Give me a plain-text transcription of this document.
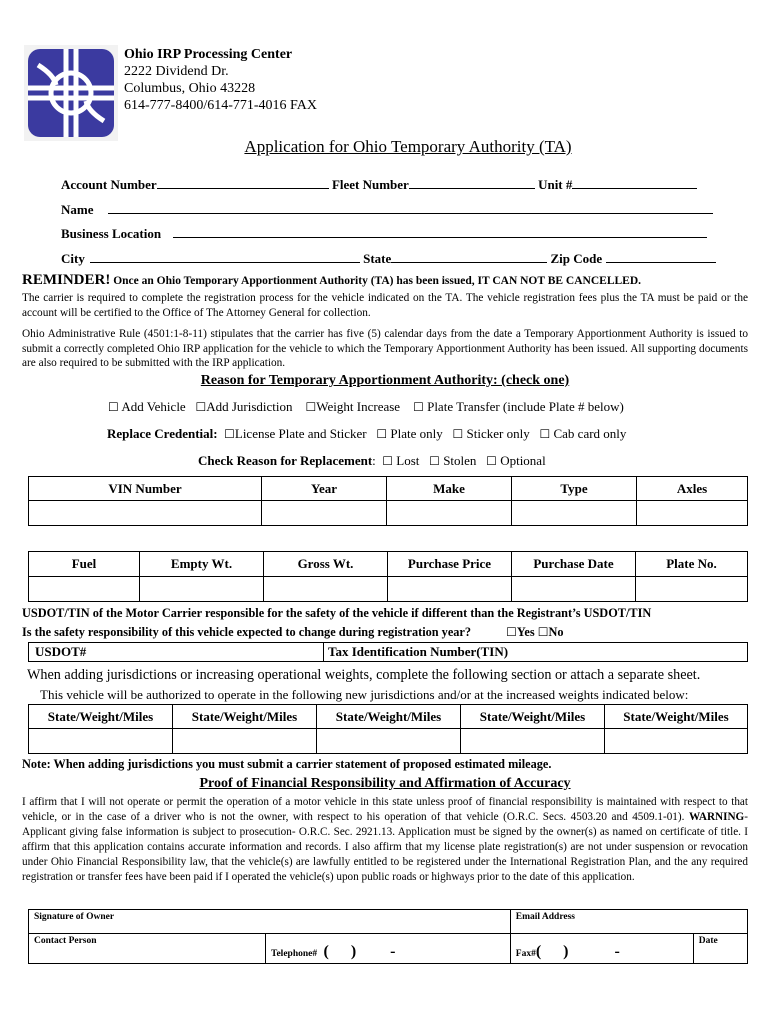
Ohio IRP Processing Center
2222 Dividend Dr.
Columbus, Ohio 43228
614-777-8400/614-771-4016 FAX
Application for Ohio Temporary Authority (TA)
Account Number	Fleet Number	Unit #
Name
Business Location
City	State	Zip Code
REMINDER! Once an Ohio Temporary Apportionment Authority (TA) has been issued, IT CAN NOT BE CANCELLED.
The carrier is required to complete the registration process for the vehicle indicated on the TA. The vehicle registration fees plus the TA must be paid or the account will be certified to the Office of The Attorney General for collection.
Ohio Administrative Rule (4501:1-8-11) stipulates that the carrier has five (5) calendar days from the date a Temporary Apportionment Authority is issued to submit a correctly completed Ohio IRP application for the vehicle to which the Temporary Apportionment Authority has been issued. All supporting documents are also required to be submitted with the IRP application.
Reason for Temporary Apportionment Authority: (check one)
☐ Add Vehicle ☐Add Jurisdiction ☐Weight Increase ☐ Plate Transfer (include Plate # below)
Replace Credential: ☐License Plate and Sticker ☐ Plate only ☐ Sticker only ☐ Cab card only
Check Reason for Replacement:  ☐ Lost ☐ Stolen ☐ Optional
VIN Number	Year	Make	Type	Axles

Fuel	Empty Wt.	Gross Wt.	Purchase Price	Purchase Date	Plate No.

USDOT/TIN of the Motor Carrier responsible for the safety of the vehicle if different than the Registrant’s USDOT/TIN
Is the safety responsibility of this vehicle expected to change during registration year?	☐Yes ☐No
USDOT#	Tax Identification Number(TIN)
When adding jurisdictions or increasing operational weights, complete the following section or attach a separate sheet.
This vehicle will be authorized to operate in the following new jurisdictions and/or at the increased weights indicated below:
State/Weight/Miles	State/Weight/Miles	State/Weight/Miles	State/Weight/Miles	State/Weight/Miles

Note: When adding jurisdictions you must submit a carrier statement of proposed estimated mileage.
Proof of Financial Responsibility and Affirmation of Accuracy
I affirm that I will not operate or permit the operation of a motor vehicle in this state unless proof of financial responsibility is maintained with respect to that vehicle, or in the case of a driver who is not the owner, with respect to his operation of that vehicle (O.R.C. Secs. 4503.20 and 4509.1-01). WARNING- Applicant giving false information is subject to prosecution- O.R.C. Sec. 2921.13. Application must be signed by the owner(s) as named on certificate of title. I affirm that this application contains accurate information and records. I also affirm that my license plate registration(s) are not under suspension or revocation under Ohio Financial Responsibility law, that the vehicle(s) are lawfully entitled to be registered under the International Registration Plan, and the any required registration or transfer fees have been paid if I operated the vehicle(s) upon public roads or highways prior to the date of this application.
Signature of Owner		Email Address	
Contact Person	Telephone# ( ) -	Fax#( ) -	Date
